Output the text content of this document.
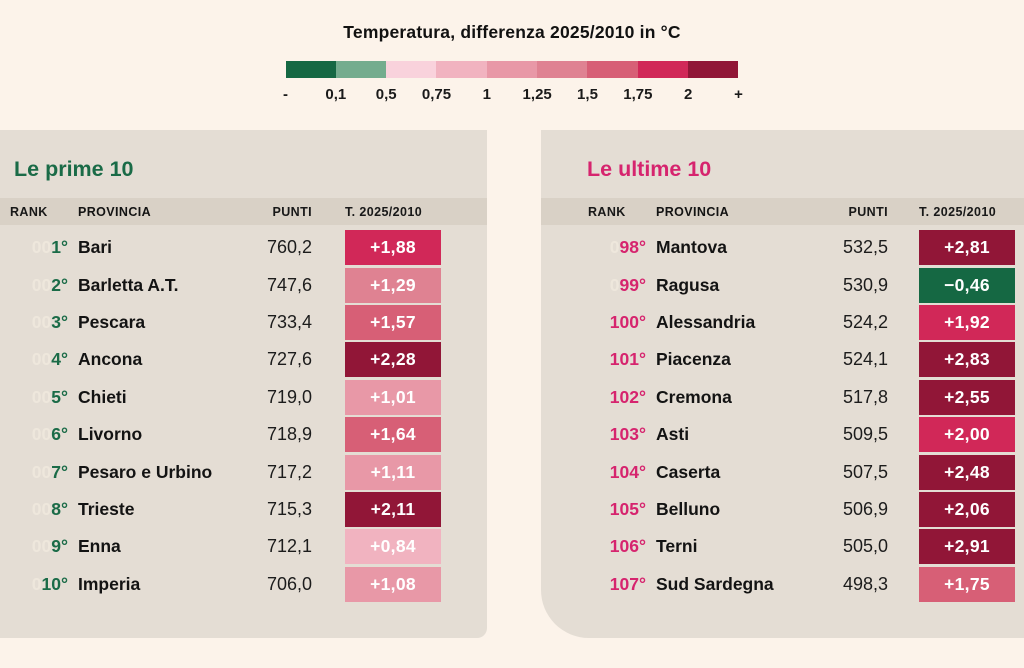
Temperatura, differenza 2025/2010 in °C
- 0,1 0,5 0,75 1 1,25 1,5 1,75 2	+
Le prime 10
RANK	PROVINCIA	PUNTI	T. 2025/2010
001° Bari	760,2	+1,88
002° Barletta A.T.	747,6	+1,29
003° Pescara	733,4	+1,57
004° Ancona	727,6	+2,28
005° Chieti	719,0	+1,01
006° Livorno	718,9	+1,64
007° Pesaro e Urbino	717,2	+1,11
008° Trieste	715,3	+2,11
009° Enna	712,1	+0,84
010° Imperia	706,0	+1,08
Le ultime 10
RANK	PROVINCIA	PUNTI	T. 2025/2010
098° Mantova	532,5	+2,81
099° Ragusa	530,9	−0,46
100° Alessandria	524,2	+1,92
101° Piacenza	524,1	+2,83
102° Cremona	517,8	+2,55
103° Asti	509,5	+2,00
104° Caserta	507,5	+2,48
105° Belluno	506,9	+2,06
106° Terni	505,0	+2,91
107° Sud Sardegna	498,3	+1,75
